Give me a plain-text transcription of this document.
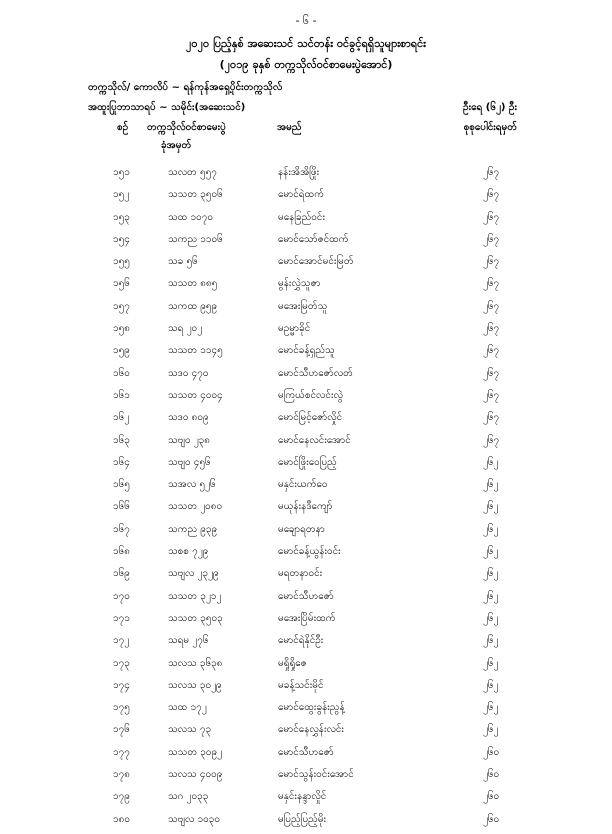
- ၆ -
၂၀၂၀ ပြည့်နှစ် အဆေးသင် သင်တန်း ဝင်ခွင့်ရရှိသူများစာရင်း
(၂၀၁၉ ခုနှစ် တက္ကသိုလ်ဝင်စာမေးပွဲအောင်)
တက္ကသိုလ်/ ကောလိပ် ~ ရန်ကုန်အရှေ့ပိုင်းတက္ကသိုလ်
အထူးပြုဘာသာရပ် ~ သမိုင်း(အဆေးသင်)	ဦးရေ (၆၂) ဦး
စဉ် တက္ကသိုလ်ဝင်စာမေးပွဲ
ခုံအမှတ်
အမည်	စုစုပေါင်းရမှတ်
၁၅၁	သလတ ၅၅၇	နန်းအိအိဖြိုး	၂၆၇
၁၅၂	သသတ ၃၅၀၆	မောင်ရဲထက်	၂၆၇
၁၅၃	သထ ၁၀၇၀	မနေခြည်ဝင်း	၂၆၇
၁၅၄	သကည ၁၁၀၆	မောင်သော်ဇင်ထက်	၂၆၇
၁၅၅	သခ ၅၆	မောင်အောင်မင်းမြတ်	၂၆၇
၁၅၆	သသတ ၈၈၅	မွန်းလွှဲသူဇာ	၂၆၇
၁၅၇	သကထ ၉၅၉	မအေးမြတ်သူ	၂၆၇
၁၅၈	သရ ၂၀၂	မဥမ္မာခိုင်	၂၆၇
၁၅၉	သသတ ၁၁၄၅	မောင်ခန့်ရှည်သူ	၂၆၇
၁၆၀	သဒ၀ ၄၇၀	မောင်သီဟဇော်လတ်	၂၆၇
၁၆၁	သသတ ၄၀၀၄	မကြယ်စင်လင်းလွဲ	၂၆၇
၁၆၂	သဒ၀ ၈၀၉	မောင်မြင့်ဇော်လှိုင်	၂၆၇
၁၆၃	သဗျ၀ ၂၃၈	မောင်နေလင်းအောင်	၂၆၇
၁၆၄	သဗျ၀ ၄၅၆	မောင်ဖြိုးဝေပြည့်	၂၆၂
၁၆၅	သအလ ၅၂၆	မနှင်းယက်ဝေ	၂၆၂
၁၆၆	သသတ ၂၀၈၀	မယုန်းနဒီကျော်	၂၆၂
၁၆၇	သကည ၉၃၉	မချောရတနာ	၂၆၂
၁၆၈	သစစ ၇၂၉	မောင်ခန့်ယွန်းဝင်း	၂၆၂
၁၆၉	သဗျလ ၂၃၂၉	မရတနာဝင်း	၂၆၂
၁၇၀	သသတ ၃၂၁၂	မောင်သီဟဇော်	၂၆၂
၁၇၁	သသတ ၃၅၀၃	မအေးပြိမ်းထက်	၂၆၂
၁၇၂	သရမ ၂၇၆	မောင်ရဲနိုင်ဦး	၂၆၂
၁၇၃	သလသ ၃၆၃၈	မရှိုရှိုဇေ	၂၆၂
၁၇၄	သလသ ၃၀၂၉	မခန့်သင်းမိုင်	၂၆၂
၁၇၅	သထ ၁၇၂	မောင်ထွေးခွန်းညွန့်	၂၆၂
၁၇၆	သလသ ၇၃	မောင်နေလွှန်းလင်း	၂၆၂
၁၇၇	သသတ ၃၀၉၂	မောင်သီဟဇော်	၂၆၀
၁၇၈	သလသ ၄၀၀၉	မောင်သွန်းဝင်းအောင်	၂၆၀
၁၇၉	သဂ ၂၀၃၃	မနှင်းနန္ဒာလှိုင်	၂၆၀
၁၈၀	သဗျလ ၁၀၃၀	မပြည့်ပြည့်မိုး	၂၆၀
